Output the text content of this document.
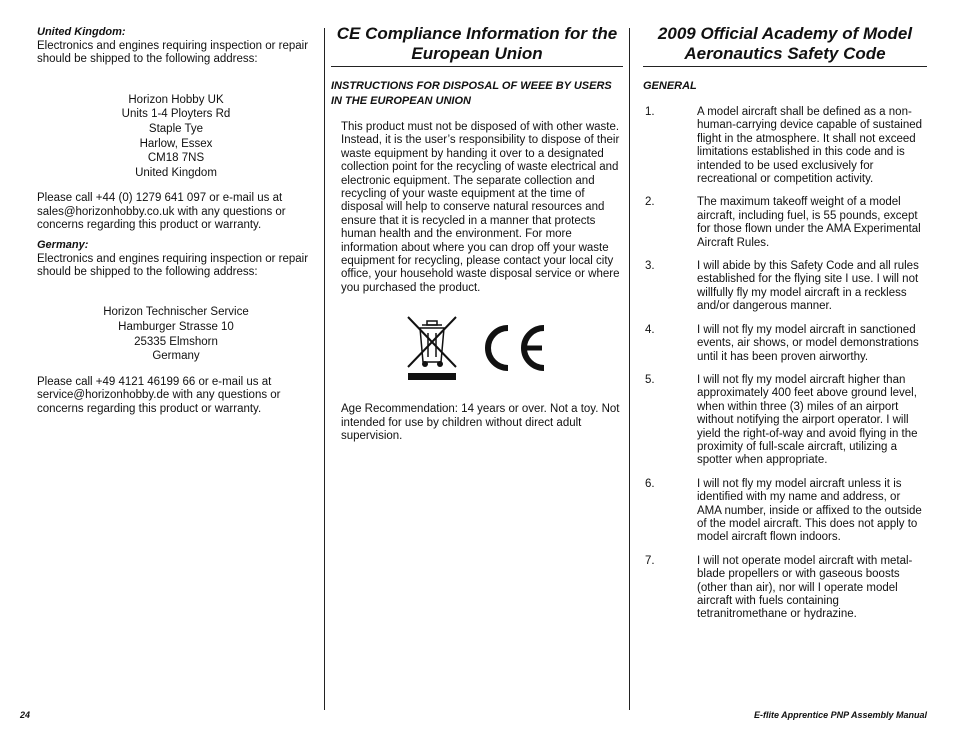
United Kingdom:

Electronics and engines requiring inspection or repair should be shipped to the following address:

Horizon Hobby UK
Units 1-4 Ployters Rd
Staple Tye
Harlow, Essex
CM18 7NS
United Kingdom

Please call +44 (0) 1279 641 097 or e-mail us at sales@horizonhobby.co.uk with any questions or concerns regarding this product or warranty.

Germany:

Electronics and engines requiring inspection or repair should be shipped to the following address:

Horizon Technischer Service
Hamburger Strasse 10
25335 Elmshorn
Germany

Please call +49 4121 46199 66 or e-mail us at service@horizonhobby.de with any questions or concerns regarding this product or warranty.

CE Compliance Information for the European Union
INSTRUCTIONS FOR DISPOSAL OF WEEE BY USERS IN THE EUROPEAN UNION

This product must not be disposed of with other waste. Instead, it is the user’s responsibility to dispose of their waste equipment by handing it over to a designated collection point for the recycling of waste electrical and electronic equipment. The separate collection and recycling of your waste equipment at the time of disposal will help to conserve natural resources and ensure that it is recycled in a manner that protects human health and the environment. For more information about where you can drop off your waste equipment for recycling, please contact your local city office, your household waste disposal service or where you purchased the product.

Age Recommendation: 14 years or over. Not a toy. Not intended for use by children without direct adult supervision.

2009 Official Academy of Model Aeronautics Safety Code
GENERAL
1.	A model aircraft shall be defined as a non-human-carrying device capable of sustained flight in the atmosphere. It shall not exceed limitations established in this code and is intended to be used exclusively for recreational or competition activity.
2.	The maximum takeoff weight of a model aircraft, including fuel, is 55 pounds, except for those flown under the AMA Experimental Aircraft Rules.
3.	I will abide by this Safety Code and all rules established for the flying site I use. I will not willfully fly my model aircraft in a reckless and/or dangerous manner.
4.	I will not fly my model aircraft in sanctioned events, air shows, or model demonstrations until it has been proven airworthy.
5.	I will not fly my model aircraft higher than approximately 400 feet above ground level, when within three (3) miles of an airport without notifying the airport operator. I will yield the right-of-way and avoid flying in the proximity of full-scale aircraft, utilizing a spotter when appropriate.
6.	I will not fly my model aircraft unless it is identified with my name and address, or AMA number, inside or affixed to the outside of the model aircraft. This does not apply to model aircraft flown indoors.
7.	I will not operate model aircraft with metal-blade propellers or with gaseous boosts (other than air), nor will I operate model aircraft with fuels containing tetranitromethane or hydrazine.
24	E-flite Apprentice PNP Assembly Manual
